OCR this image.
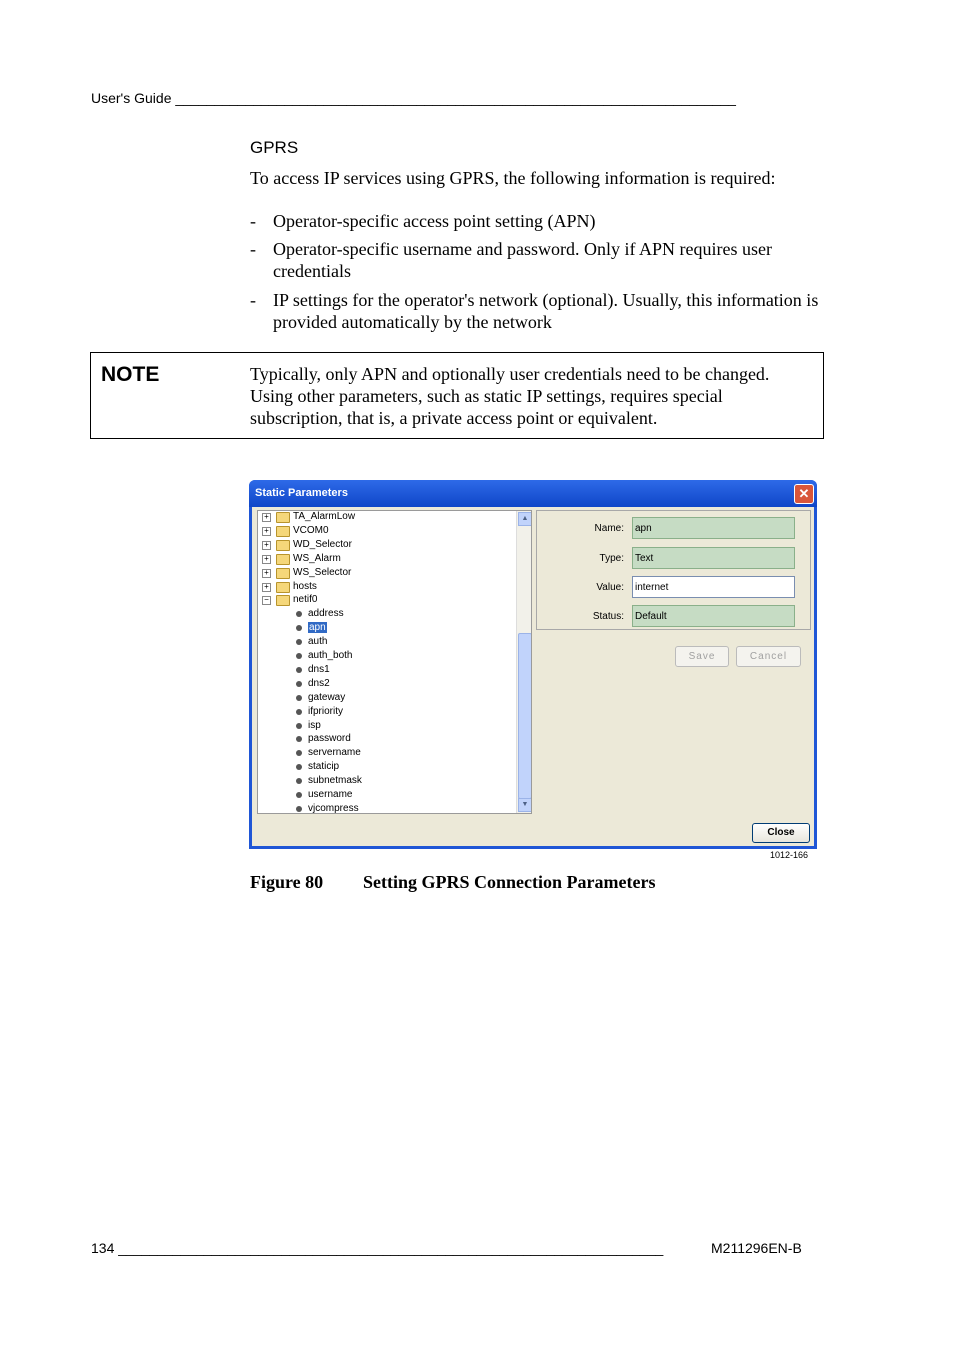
User's Guide ________________________________________________________________________
GPRS
To access IP services using GPRS, the following information is required:
- Operator-specific access point setting (APN)
- Operator-specific username and password. Only if APN requires user credentials
- IP settings for the operator's network (optional). Usually, this information is provided automatically by the network
NOTE	Typically, only APN and optionally user credentials need to be changed. Using other parameters, such as static IP settings, requires special subscription, that is, a private access point or equivalent.
Static Parameters	✕
+ TA_AlarmLow
+ VCOM0
+ WD_Selector
+ WS_Alarm
+ WS_Selector
+ hosts
− netif0
address
apn
auth
auth_both
dns1
dns2
gateway
ifpriority
isp
password
servername
staticip
subnetmask
username
vjcompress
▲
▼
Name:	apn
Type:	Text
Value:	internet
Status:	Default
Save	Cancel
Close
1012-166
Figure 80 Setting GPRS Connection Parameters
134 ______________________________________________________________________	M211296EN-B
